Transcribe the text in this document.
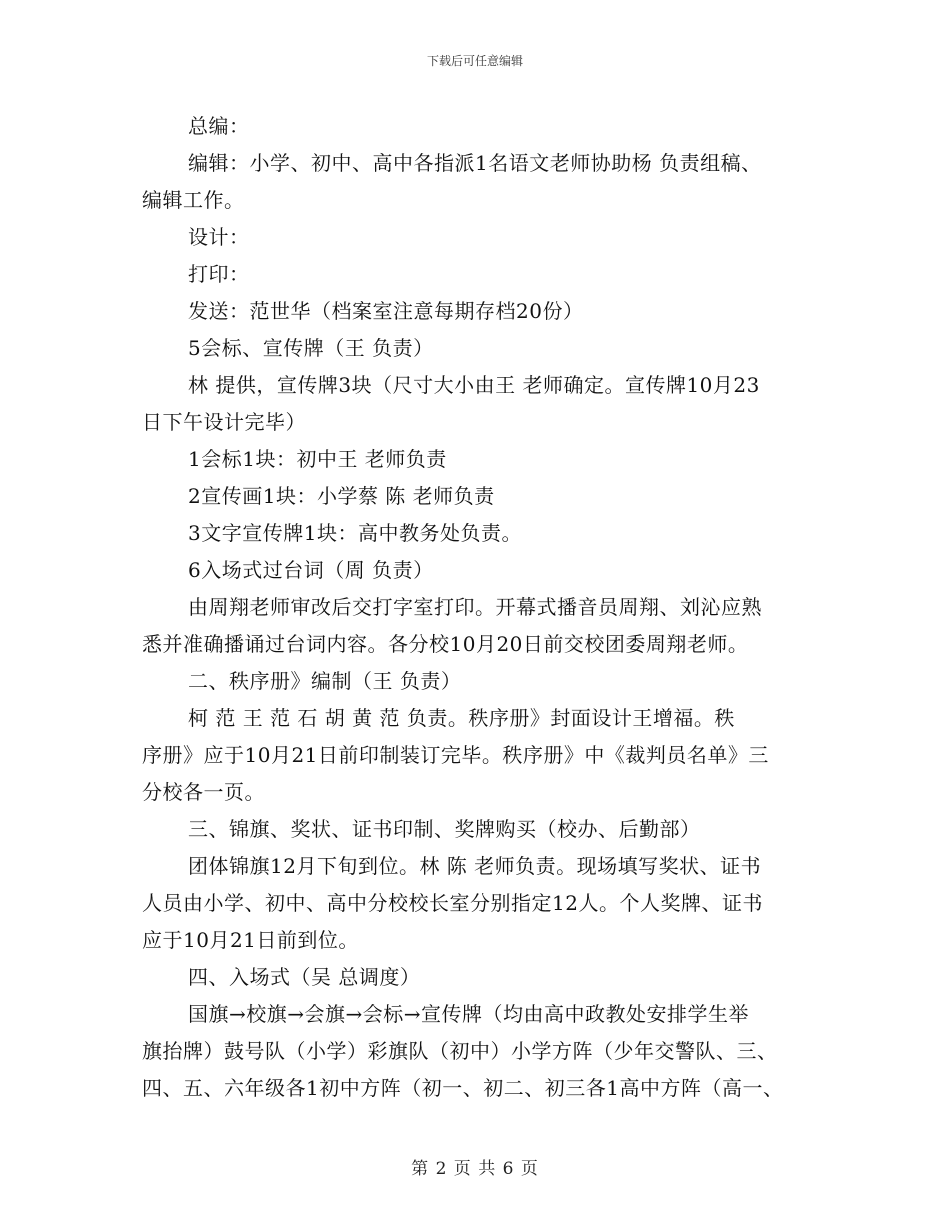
下载后可任意编辑

总编：

编辑：小学、初中、高中各指派1名语文老师协助杨 负责组稿、
编辑工作。

设计：

打印：

发送：范世华（档案室注意每期存档20份）

5会标、宣传牌（王 负责）

林 提供，宣传牌3块（尺寸大小由王 老师确定。宣传牌10月23
日下午设计完毕）

1会标1块：初中王 老师负责

2宣传画1块：小学蔡 陈 老师负责

3文字宣传牌1块：高中教务处负责。

6入场式过台词（周 负责）

由周翔老师审改后交打字室打印。开幕式播音员周翔、刘沁应熟
悉并准确播诵过台词内容。各分校10月20日前交校团委周翔老师。

二、秩序册》编制（王 负责）

柯 范 王 范 石 胡 黄 范 负责。秩序册》封面设计王增福。秩
序册》应于10月21日前印制装订完毕。秩序册》中《裁判员名单》三
分校各一页。

三、锦旗、奖状、证书印制、奖牌购买（校办、后勤部）

团体锦旗12月下旬到位。林 陈 老师负责。现场填写奖状、证书
人员由小学、初中、高中分校校长室分别指定12人。个人奖牌、证书
应于10月21日前到位。

四、入场式（吴 总调度）

国旗→校旗→会旗→会标→宣传牌（均由高中政教处安排学生举
旗抬牌）鼓号队（小学）彩旗队（初中）小学方阵（少年交警队、三、
四、五、六年级各1初中方阵（初一、初二、初三各1高中方阵（高一、

第 2 页 共 6 页
